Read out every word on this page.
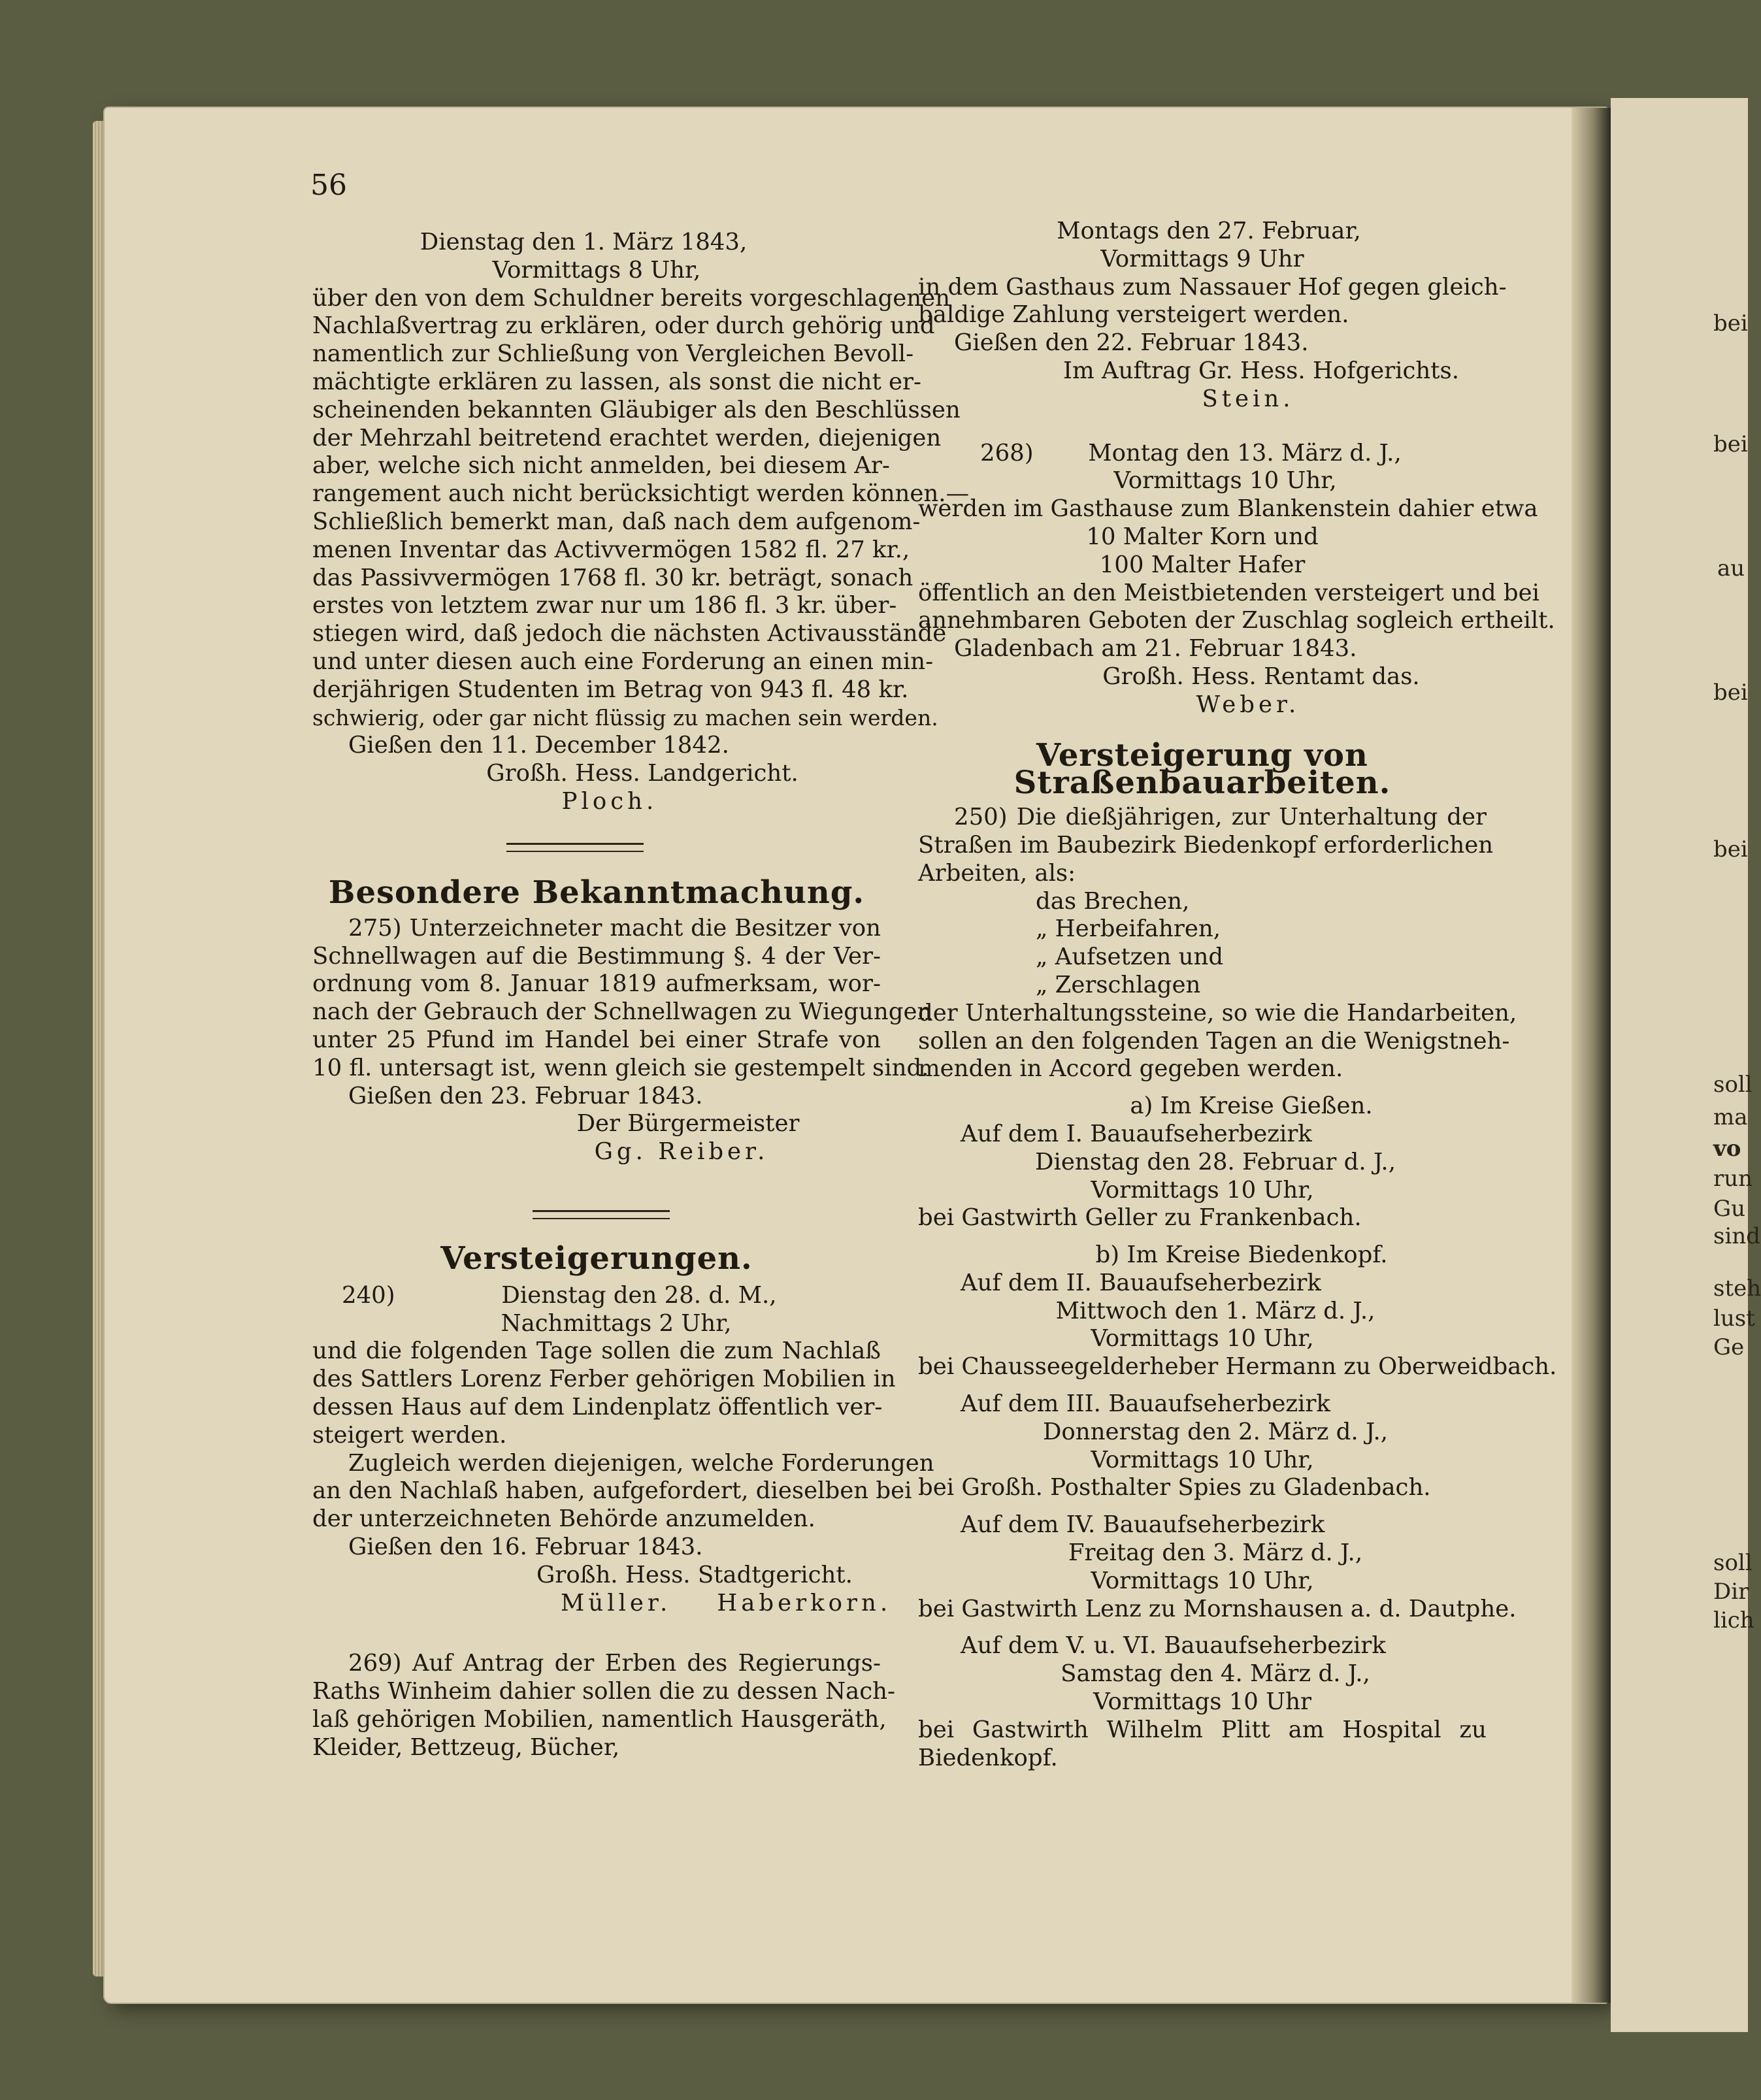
bei
bei
au
bei
bei
soll
ma
vo
run
Gu
sind
steh
lust
Ge
soll
Dir
lich
56
Dienstag den 1. März 1843,
Vormittags 8 Uhr,
über den von dem Schuldner bereits vorgeschlagenen
Nachlaßvertrag zu erklären, oder durch gehörig und
namentlich zur Schließung von Vergleichen Bevoll-
mächtigte erklären zu lassen, als sonst die nicht er-
scheinenden bekannten Gläubiger als den Beschlüssen
der Mehrzahl beitretend erachtet werden, diejenigen
aber, welche sich nicht anmelden, bei diesem Ar-
rangement auch nicht berücksichtigt werden können.—
Schließlich bemerkt man, daß nach dem aufgenom-
menen Inventar das Activvermögen 1582 fl. 27 kr.,
das Passivvermögen 1768 fl. 30 kr. beträgt, sonach
erstes von letztem zwar nur um 186 fl. 3 kr. über-
stiegen wird, daß jedoch die nächsten Activausstände
und unter diesen auch eine Forderung an einen min-
derjährigen Studenten im Betrag von 943 fl. 48 kr.
schwierig, oder gar nicht flüssig zu machen sein werden.
Gießen den 11. December 1842.
Großh. Hess. Landgericht.
Ploch.
Besondere Bekanntmachung.
275) Unterzeichneter macht die Besitzer von
Schnellwagen auf die Bestimmung §. 4 der Ver-
ordnung vom 8. Januar 1819 aufmerksam, wor-
nach der Gebrauch der Schnellwagen zu Wiegungen
unter 25 Pfund im Handel bei einer Strafe von
10 fl. untersagt ist, wenn gleich sie gestempelt sind.
Gießen den 23. Februar 1843.
Der Bürgermeister
Gg. Reiber.
Versteigerungen.
240)	Dienstag den 28. d. M.,
Nachmittags 2 Uhr,
und die folgenden Tage sollen die zum Nachlaß
des Sattlers Lorenz Ferber gehörigen Mobilien in
dessen Haus auf dem Lindenplatz öffentlich ver-
steigert werden.
Zugleich werden diejenigen, welche Forderungen
an den Nachlaß haben, aufgefordert, dieselben bei
der unterzeichneten Behörde anzumelden.
Gießen den 16. Februar 1843.
Großh. Hess. Stadtgericht.
Müller. Haberkorn.
269) Auf Antrag der Erben des Regierungs-
Raths Winheim dahier sollen die zu dessen Nach-
laß gehörigen Mobilien, namentlich Hausgeräth,
Kleider, Bettzeug, Bücher,
Montags den 27. Februar,
Vormittags 9 Uhr
in dem Gasthaus zum Nassauer Hof gegen gleich-
baldige Zahlung versteigert werden.
Gießen den 22. Februar 1843.
Im Auftrag Gr. Hess. Hofgerichts.
Stein.
268)	Montag den 13. März d. J.,
Vormittags 10 Uhr,
werden im Gasthause zum Blankenstein dahier etwa
10 Malter Korn und
100 Malter Hafer
öffentlich an den Meistbietenden versteigert und bei
annehmbaren Geboten der Zuschlag sogleich ertheilt.
Gladenbach am 21. Februar 1843.
Großh. Hess. Rentamt das.
Weber.
Versteigerung von Straßenbauarbeiten.
250) Die dießjährigen, zur Unterhaltung der
Straßen im Baubezirk Biedenkopf erforderlichen
Arbeiten, als:
das Brechen,
„ Herbeifahren,
„ Aufsetzen und
„ Zerschlagen
der Unterhaltungssteine, so wie die Handarbeiten,
sollen an den folgenden Tagen an die Wenigstneh-
menden in Accord gegeben werden.
a) Im Kreise Gießen.
Auf dem I. Bauaufseherbezirk
Dienstag den 28. Februar d. J.,
Vormittags 10 Uhr,
bei Gastwirth Geller zu Frankenbach.
b) Im Kreise Biedenkopf.
Auf dem II. Bauaufseherbezirk
Mittwoch den 1. März d. J.,
Vormittags 10 Uhr,
bei Chausseegelderheber Hermann zu Oberweidbach.
Auf dem III. Bauaufseherbezirk
Donnerstag den 2. März d. J.,
Vormittags 10 Uhr,
bei Großh. Posthalter Spies zu Gladenbach.
Auf dem IV. Bauaufseherbezirk
Freitag den 3. März d. J.,
Vormittags 10 Uhr,
bei Gastwirth Lenz zu Mornshausen a. d. Dautphe.
Auf dem V. u. VI. Bauaufseherbezirk
Samstag den 4. März d. J.,
Vormittags 10 Uhr
bei Gastwirth Wilhelm Plitt am Hospital zu
Biedenkopf.
